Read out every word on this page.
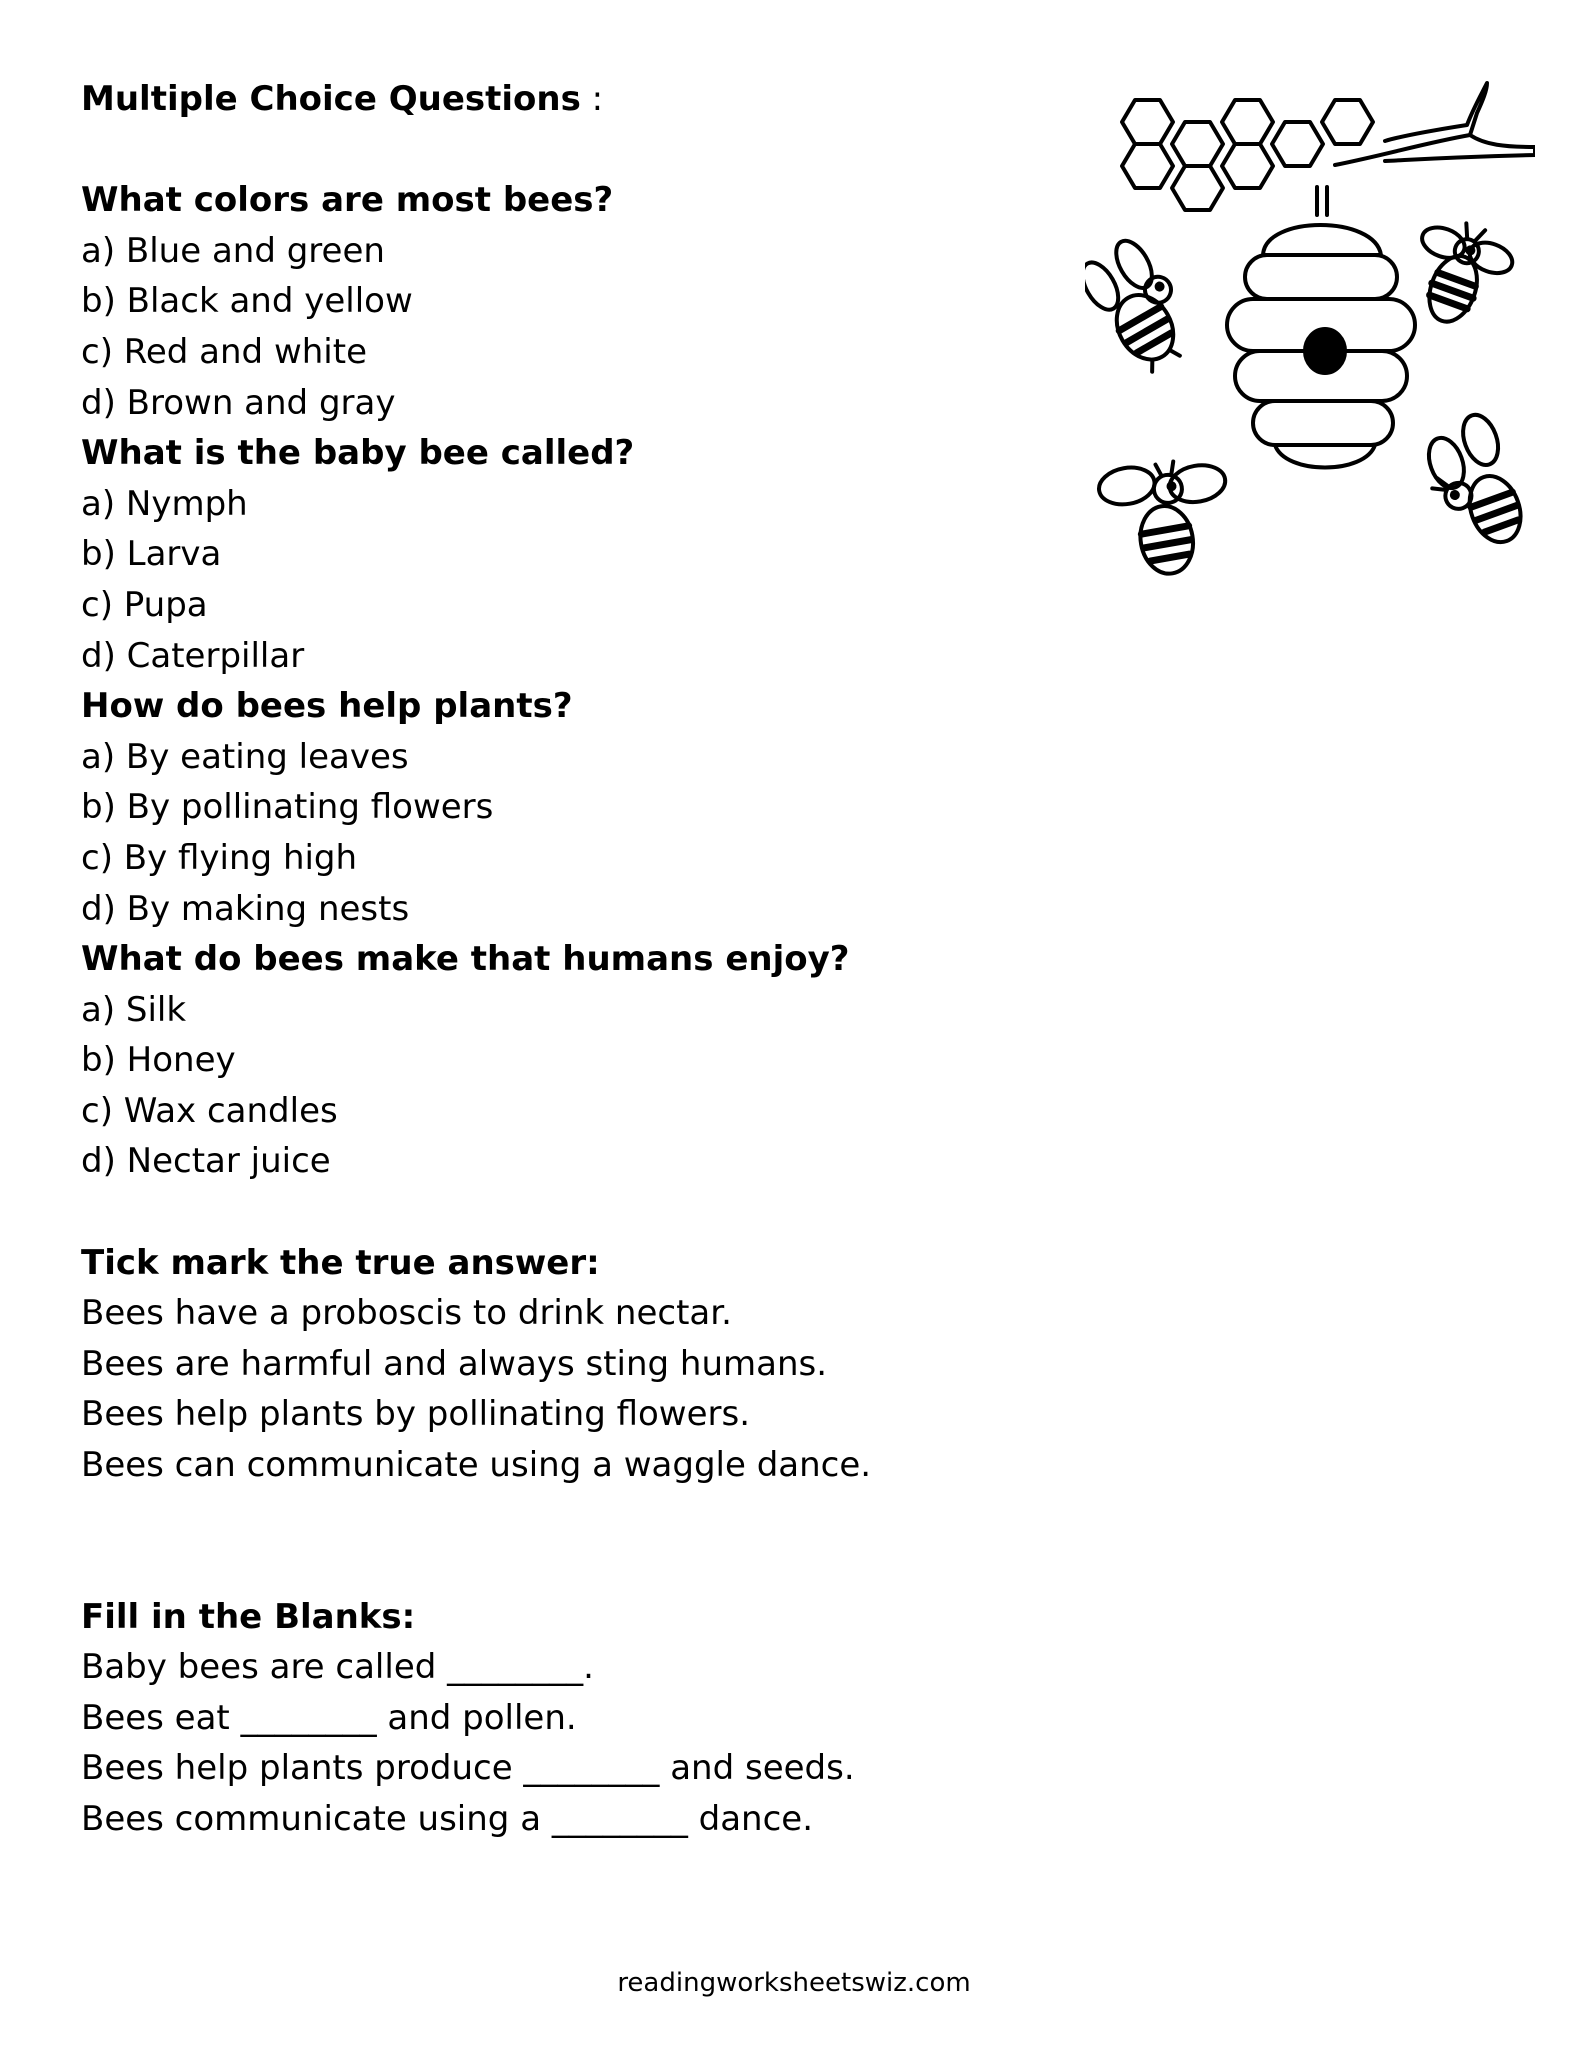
Multiple Choice Questions :
What colors are most bees?
a) Blue and green
b) Black and yellow
c) Red and white
d) Brown and gray
What is the baby bee called?
a) Nymph
b) Larva
c) Pupa
d) Caterpillar
How do bees help plants?
a) By eating leaves
b) By pollinating flowers
c) By flying high
d) By making nests
What do bees make that humans enjoy?
a) Silk
b) Honey
c) Wax candles
d) Nectar juice
Tick mark the true answer:
Bees have a proboscis to drink nectar.
Bees are harmful and always sting humans.
Bees help plants by pollinating flowers.
Bees can communicate using a waggle dance.
Fill in the Blanks:
Baby bees are called ________.
Bees eat ________ and pollen.
Bees help plants produce ________ and seeds.
Bees communicate using a ________ dance.
readingworksheetswiz.com
